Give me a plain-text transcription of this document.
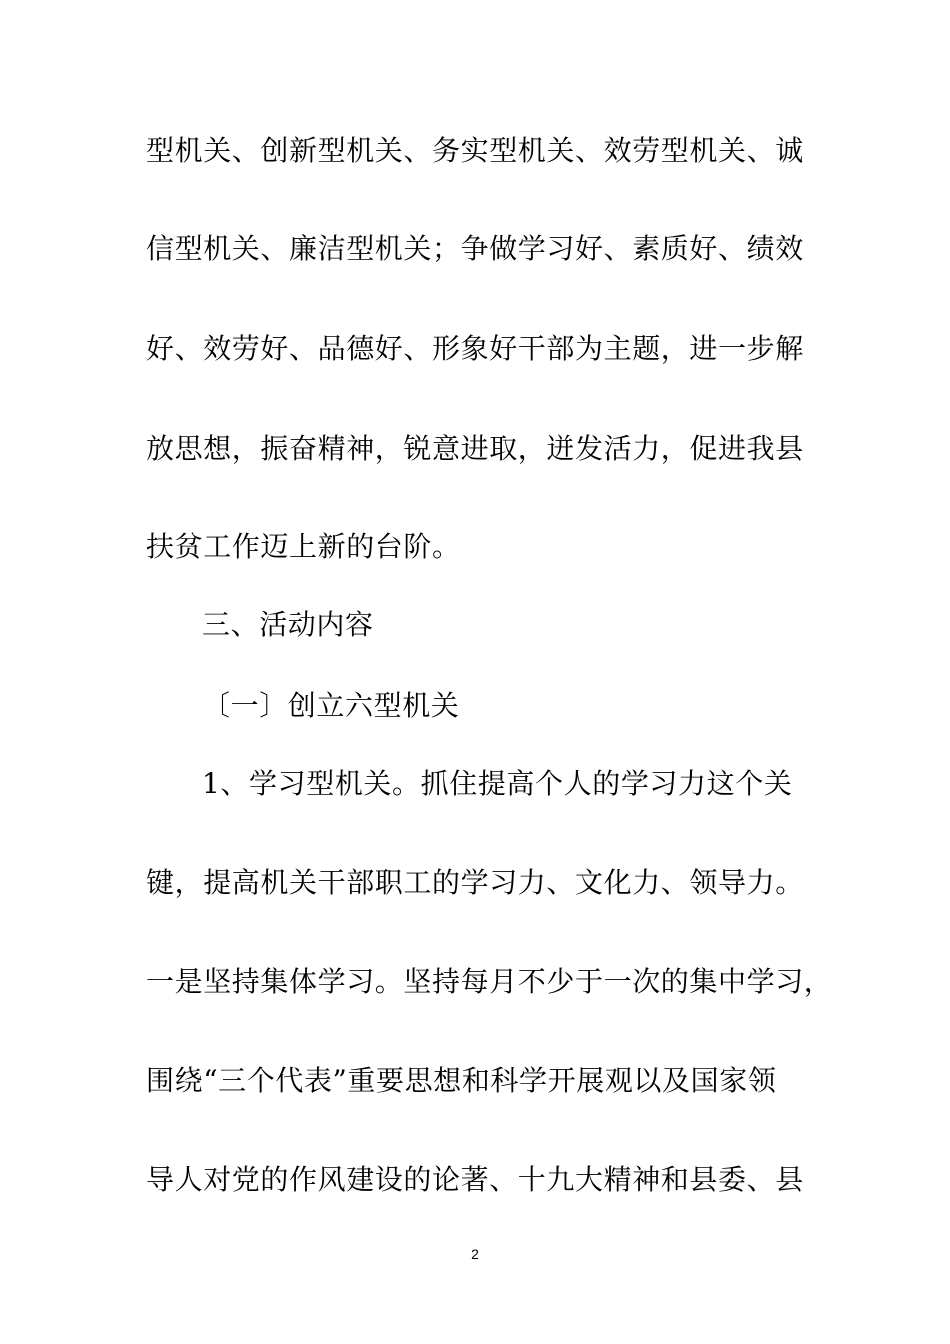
型机关、创新型机关、务实型机关、效劳型机关、诚
信型机关、廉洁型机关；争做学习好、素质好、绩效
好、效劳好、品德好、形象好干部为主题，进一步解
放思想，振奋精神，锐意进取，迸发活力，促进我县
扶贫工作迈上新的台阶。
三、活动内容
〔一〕创立六型机关
1、学习型机关。抓住提高个人的学习力这个关
键，提高机关干部职工的学习力、文化力、领导力。
一是坚持集体学习。坚持每月不少于一次的集中学习，
围绕“三个代表”重要思想和科学开展观以及国家领
导人对党的作风建设的论著、十九大精神和县委、县
2
